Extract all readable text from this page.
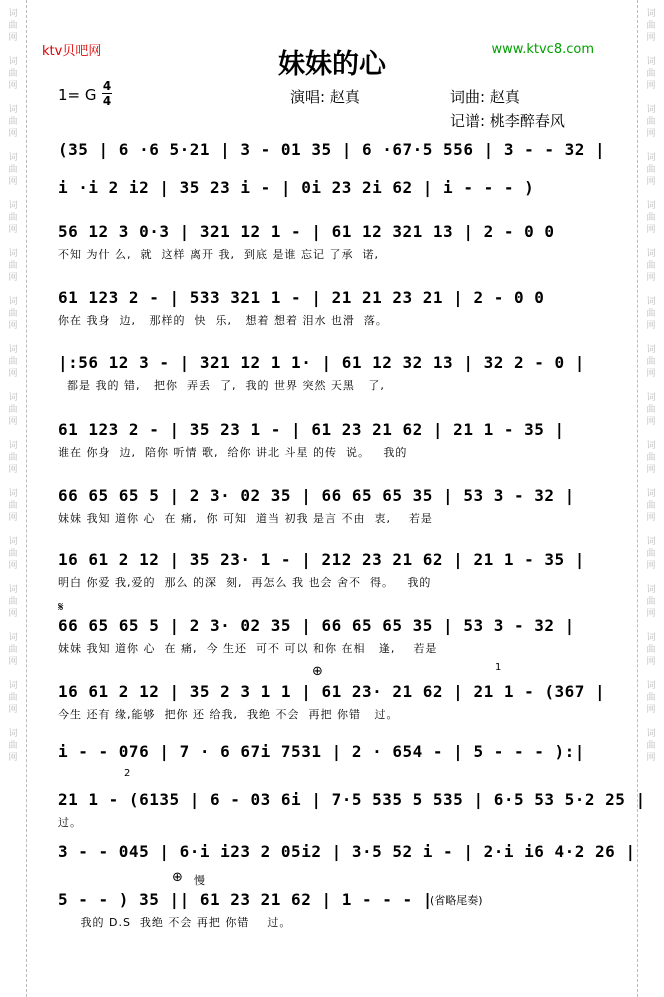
词
曲
网

词
曲
网

词
曲
网

词
曲
网

词
曲
网

词
曲
网

词
曲
网

词
曲
网

词
曲
网

词
曲
网

词
曲
网

词
曲
网

词
曲
网

词
曲
网

词
曲
网

词
曲
网
词
曲
网

词
曲
网

词
曲
网

词
曲
网

词
曲
网

词
曲
网

词
曲
网

词
曲
网

词
曲
网

词
曲
网

词
曲
网

词
曲
网

词
曲
网

词
曲
网

词
曲
网

词
曲
网
ktv贝吧网	www.ktvc8.com
妹妹的心
1= G 4
4	演唱: 赵真	词曲: 赵真
记谱: 桃李醉春风
(35 | 6 ·6 5·21 | 3 - 01 35 | 6 ·67·5 556 | 3 - - 32 |
i ·i 2 i2 | 35 23 i - | 0i 23 2i 62 | i - - - )
56 12 3 0·3 | 321 12 1 - | 61 12 321 13 | 2 - 0 0
不知 为什 么,  就  这样 离开 我,  到底 是谁 忘记 了承  诺,
61 123 2 - | 533 321 1 - | 21 21 23 21 | 2 - 0 0
你在 我身  边,   那样的  快  乐,   想着 想着 泪水 也滑  落。
|:56 12 3 - | 321 12 1 1· | 61 12 32 13 | 32 2 - 0 |
都是 我的 错,   把你  弄丢  了,  我的 世界 突然 天黑   了,
61 123 2 - | 35 23 1 - | 61 23 21 62 | 21 1 - 35 |
谁在 你身  边,  陪你 听情 歌,  给你 讲北 斗星 的传  说。   我的
66 65 65 5 | 2 3· 02 35 | 66 65 65 35 | 53 3 - 32 |
妹妹 我知 道你 心  在 痛,  你 可知  道当 初我 是言 不由  衷,    若是
16 61 2 12 | 35 23· 1 - | 212 23 21 62 | 21 1 - 35 |
明白 你爱 我,爱的  那么 的深  刻,  再怎么 我 也会 舍不  得。   我的
𝄋
66 65 65 5 | 2 3· 02 35 | 66 65 65 35 | 53 3 - 32 |
妹妹 我知 道你 心  在 痛,  今 生还  可不 可以 和你 在相   逢,    若是
⊕	1
16 61 2 12 | 35 2 3 1 1 | 61 23· 21 62 | 21 1 - (367 |
今生 还有 缘,能够  把你 还 给我,  我绝 不会  再把 你错   过。
i - - 076 | 7 · 6 67i 7531 | 2 · 654 - | 5 - - - ):|
2
21 1 - (6135 | 6 - 03 6i | 7·5 535 5 535 | 6·5 53 5·2 25 |
过。
3 - - 045 | 6·i i23 2 05i2 | 3·5 52 i - | 2·i i6 4·2 26 |
⊕ 慢
5 - - ) 35 || 61 23 21 62 | 1 - - - |
我的 D.S  我绝 不会 再把 你错    过。
(省略尾奏)
